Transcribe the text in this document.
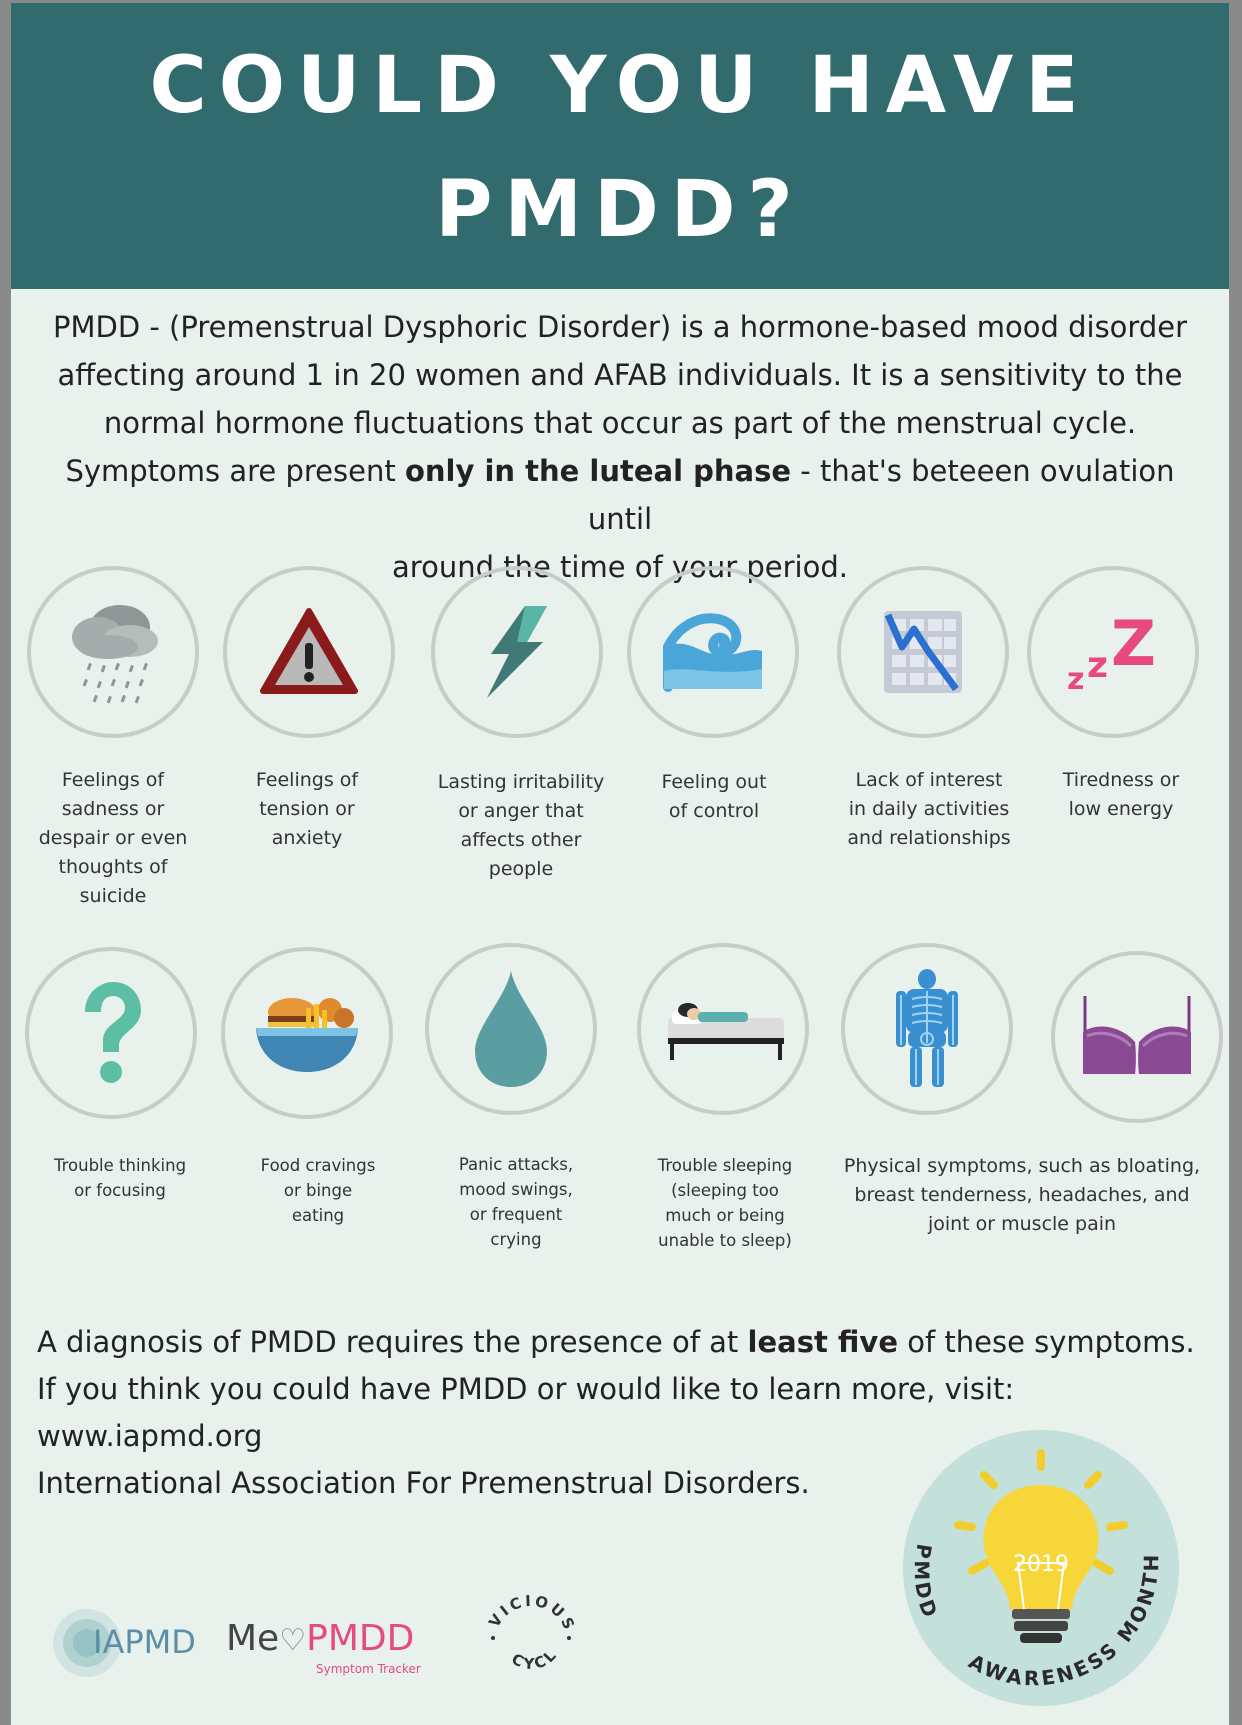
COULD YOU HAVE
PMDD?
PMDD - (Premenstrual Dysphoric Disorder) is a hormone-based mood disorder
affecting around 1 in 20 women and AFAB individuals. It is a sensitivity to the
normal hormone fluctuations that occur as part of the menstrual cycle.
Symptoms are present only in the luteal phase - that's beteeen ovulation until
around the time of your period.
z z Z
Feelings of
sadness or
despair or even
thoughts of
suicide
Feelings of
tension or
anxiety
Lasting irritability
or anger that
affects other
people
Feeling out
of control
Lack of interest
in daily activities
and relationships
Tiredness or
low energy
Trouble thinking
or focusing
Food cravings
or binge
eating
Panic attacks,
mood swings,
or frequent
crying
Trouble sleeping
(sleeping too
much or being
unable to sleep)
Physical symptoms, such as bloating,
breast tenderness, headaches, and
joint or muscle pain
A diagnosis of PMDD requires the presence of at least five of these symptoms.
If you think you could have PMDD or would like to learn more, visit:
www.iapmd.org
International Association For Premenstrual Disorders.
IAPMD Me♡PMDD
Symptom Tracker
VICIOUS
CYCL
2019
PMDD
AWARENESS MONTH
